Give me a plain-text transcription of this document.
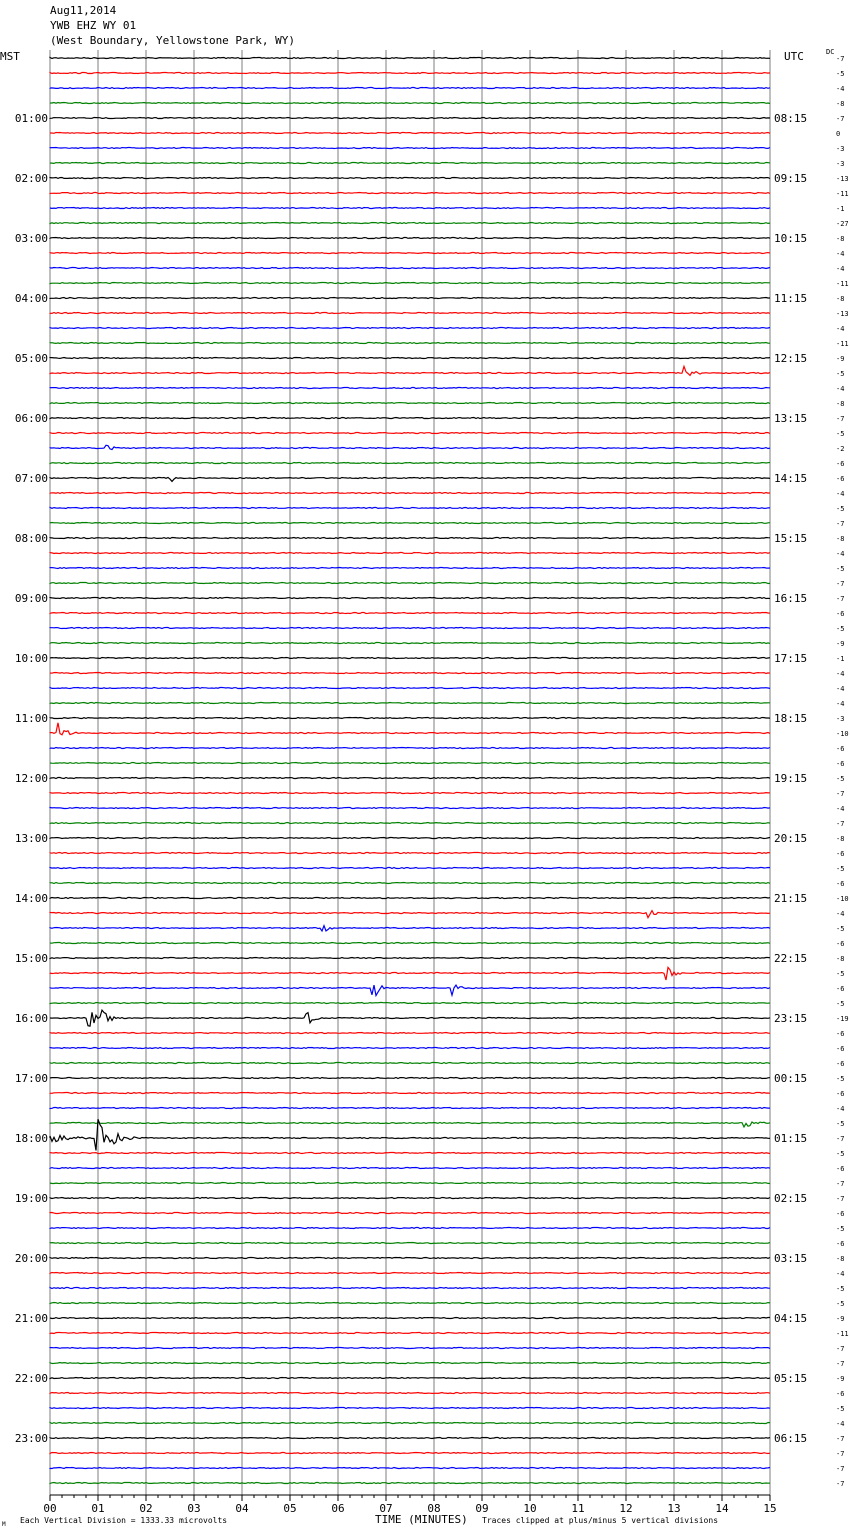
01:00
02:00
03:00
04:00
05:00
06:00
07:00
08:00
09:00
10:00
11:00
12:00
13:00
14:00
15:00
16:00
17:00
18:00
19:00
20:00
21:00
22:00
23:00
08:15
09:15
10:15
11:15
12:15
13:15
14:15
15:15
16:15
17:15
18:15
19:15
20:15
21:15
22:15
23:15
00:15
01:15
02:15
03:15
04:15
05:15
06:15
-7
-5
-4
-8
-7
0
-3
-3
-13
-11
-1
-27
-8
-4
-4
-11
-8
-13
-4
-11
-9
-5
-4
-8
-7
-5
-2
-6
-6
-4
-5
-7
-8
-4
-5
-7
-7
-6
-5
-9
-1
-4
-4
-4
-3
-10
-6
-6
-5
-7
-4
-7
-8
-6
-5
-6
-10
-4
-5
-6
-8
-5
-6
-5
-19
-6
-6
-6
-5
-6
-4
-5
-7
-5
-6
-7
-7
-6
-5
-6
-8
-4
-5
-5
-9
-11
-7
-7
-9
-6
-5
-4
-7
-7
-7
-7
00	01	02	03	04	05	06	07	08	09	10	11	12	13	14	15
Aug11,2014
YWB EHZ WY 01
(West Boundary, Yellowstone Park, WY)
MST	UTC	DC
M Each Vertical Division = 1333.33 microvolts	TIME (MINUTES) Traces clipped at plus/minus 5 vertical divisions
